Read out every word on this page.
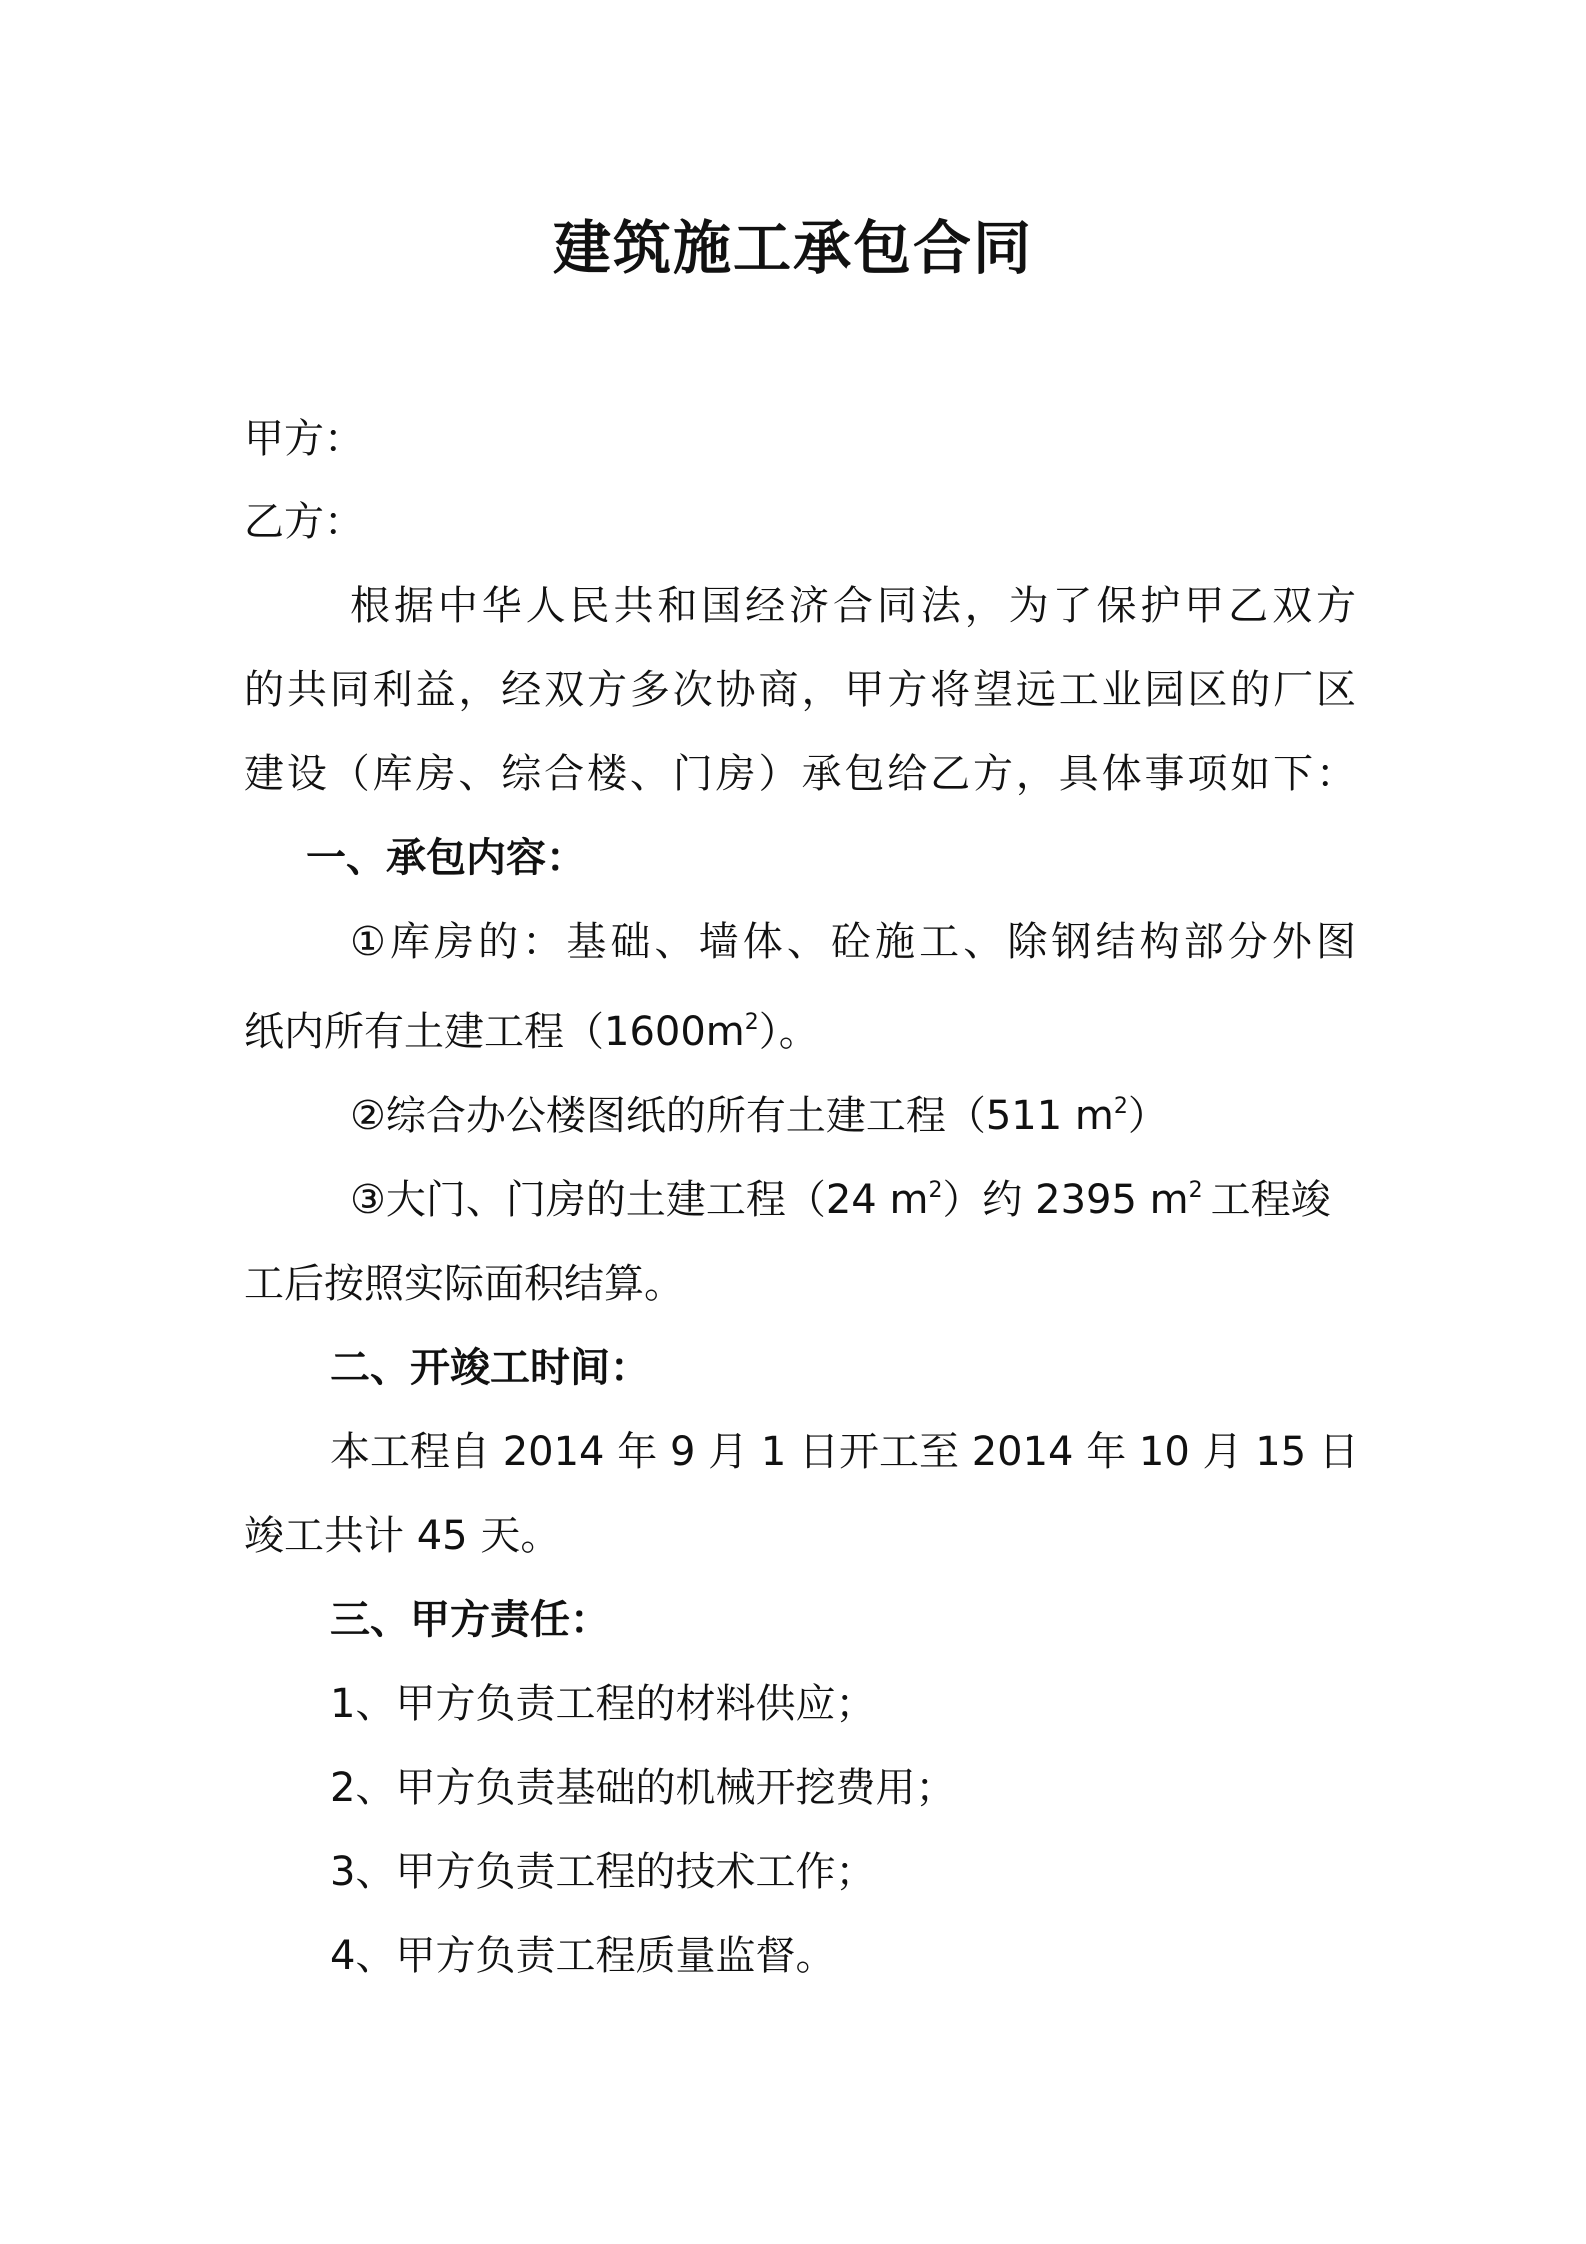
建筑施工承包合同
甲方：
乙方：
根据中华人民共和国经济合同法，为了保护甲乙双方
的共同利益，经双方多次协商，甲方将望远工业园区的厂区
建设（库房、综合楼、门房）承包给乙方，具体事项如下：
一、承包内容：
①库房的：基础、墙体、砼施工、除钢结构部分外图
纸内所有土建工程$(1600m^2)$。
②综合办公楼图纸的所有土建工程（511 $m^2$）
③大门、门房的土建工程（24 $m^2$）约 2395 $m^2$ 工程竣
工后按照实际面积结算。
二、开竣工时间：
本工程自 2014 年 9 月 1 日开工至 2014 年 10 月 15 日
竣工共计 45 天。
三、甲方责任：
1、甲方负责工程的材料供应；
2、甲方负责基础的机械开挖费用；
3、甲方负责工程的技术工作；
4、甲方负责工程质量监督。
